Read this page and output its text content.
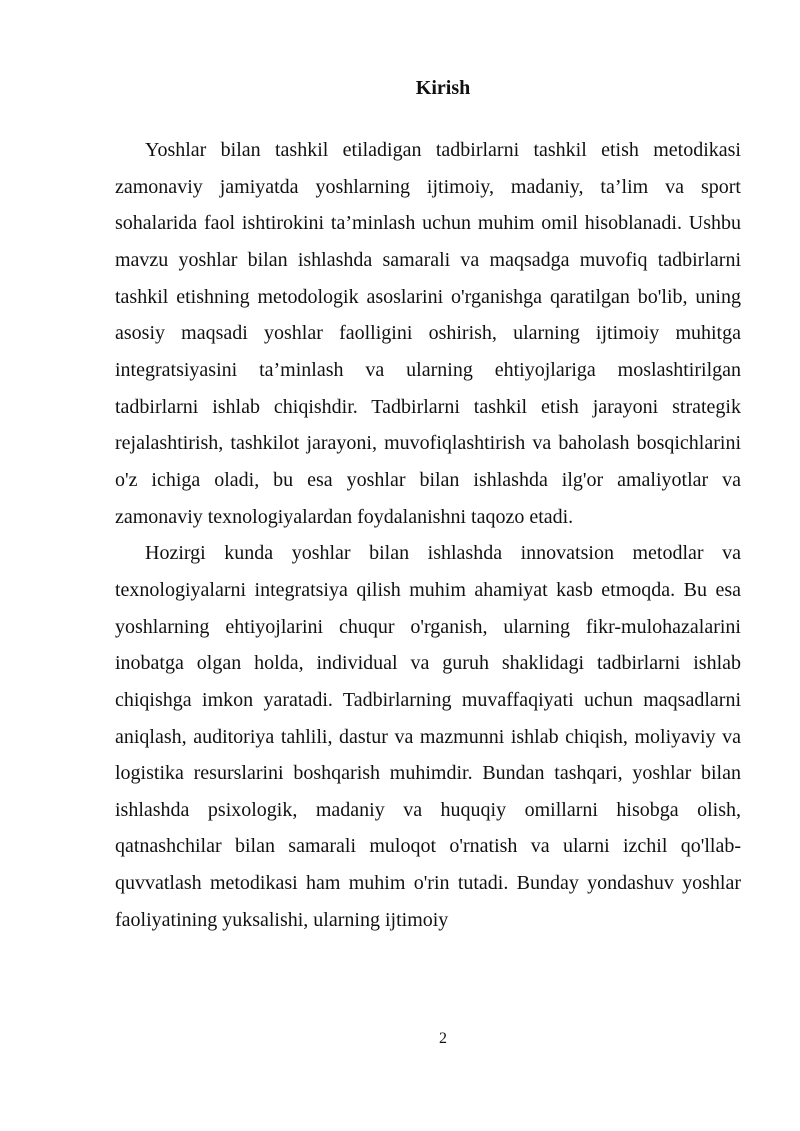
Kirish

Yoshlar bilan tashkil etiladigan tadbirlarni tashkil etish metodikasi zamonaviy jamiyatda yoshlarning ijtimoiy, madaniy, ta’lim va sport sohalarida faol ishtirokini ta’minlash uchun muhim omil hisoblanadi. Ushbu mavzu yoshlar bilan ishlashda samarali va maqsadga muvofiq tadbirlarni tashkil etishning metodologik asoslarini o'rganishga qaratilgan bo'lib, uning asosiy maqsadi yoshlar faolligini oshirish, ularning ijtimoiy muhitga integratsiyasini ta’minlash va ularning ehtiyojlariga moslashtirilgan tadbirlarni ishlab chiqishdir. Tadbirlarni tashkil etish jarayoni strategik rejalashtirish, tashkilot jarayoni, muvofiqlashtirish va baholash bosqichlarini o'z ichiga oladi, bu esa yoshlar bilan ishlashda ilg'or amaliyotlar va zamonaviy texnologiyalardan foydalanishni taqozo etadi.

Hozirgi kunda yoshlar bilan ishlashda innovatsion metodlar va texnologiyalarni integratsiya qilish muhim ahamiyat kasb etmoqda. Bu esa yoshlarning ehtiyojlarini chuqur o'rganish, ularning fikr-mulohazalarini inobatga olgan holda, individual va guruh shaklidagi tadbirlarni ishlab chiqishga imkon yaratadi. Tadbirlarning muvaffaqiyati uchun maqsadlarni aniqlash, auditoriya tahlili, dastur va mazmunni ishlab chiqish, moliyaviy va logistika resurslarini boshqarish muhimdir. Bundan tashqari, yoshlar bilan ishlashda psixologik, madaniy va huquqiy omillarni hisobga olish, qatnashchilar bilan samarali muloqot o'rnatish va ularni izchil qo'llab-quvvatlash metodikasi ham muhim o'rin tutadi. Bunday yondashuv yoshlar faoliyatining yuksalishi, ularning ijtimoiy

2
